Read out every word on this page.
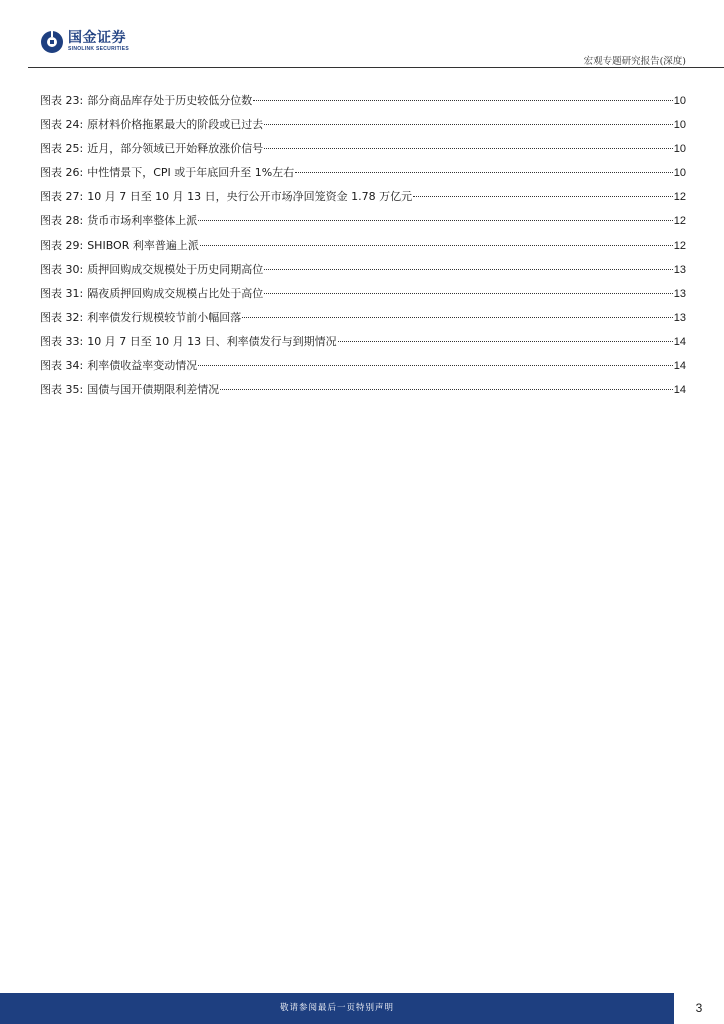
国金证券
SINOLINK SECURITIES
宏观专题研究报告(深度)
图表 23: 部分商品库存处于历史较低分位数	10
图表 24: 原材料价格拖累最大的阶段或已过去	10
图表 25: 近月，部分领域已开始释放涨价信号	10
图表 26: 中性情景下，CPI 或于年底回升至 1%左右	10
图表 27: 10 月 7 日至 10 月 13 日，央行公开市场净回笼资金 1.78 万亿元	12
图表 28: 货币市场利率整体上派	12
图表 29: SHIBOR 利率普遍上派	12
图表 30: 质押回购成交规模处于历史同期高位	13
图表 31: 隔夜质押回购成交规模占比处于高位	13
图表 32: 利率债发行规模较节前小幅回落	13
图表 33: 10 月 7 日至 10 月 13 日、利率债发行与到期情况	14
图表 34: 利率债收益率变动情况	14
图表 35: 国债与国开债期限利差情况	14
敬请参阅最后一页特别声明	3
